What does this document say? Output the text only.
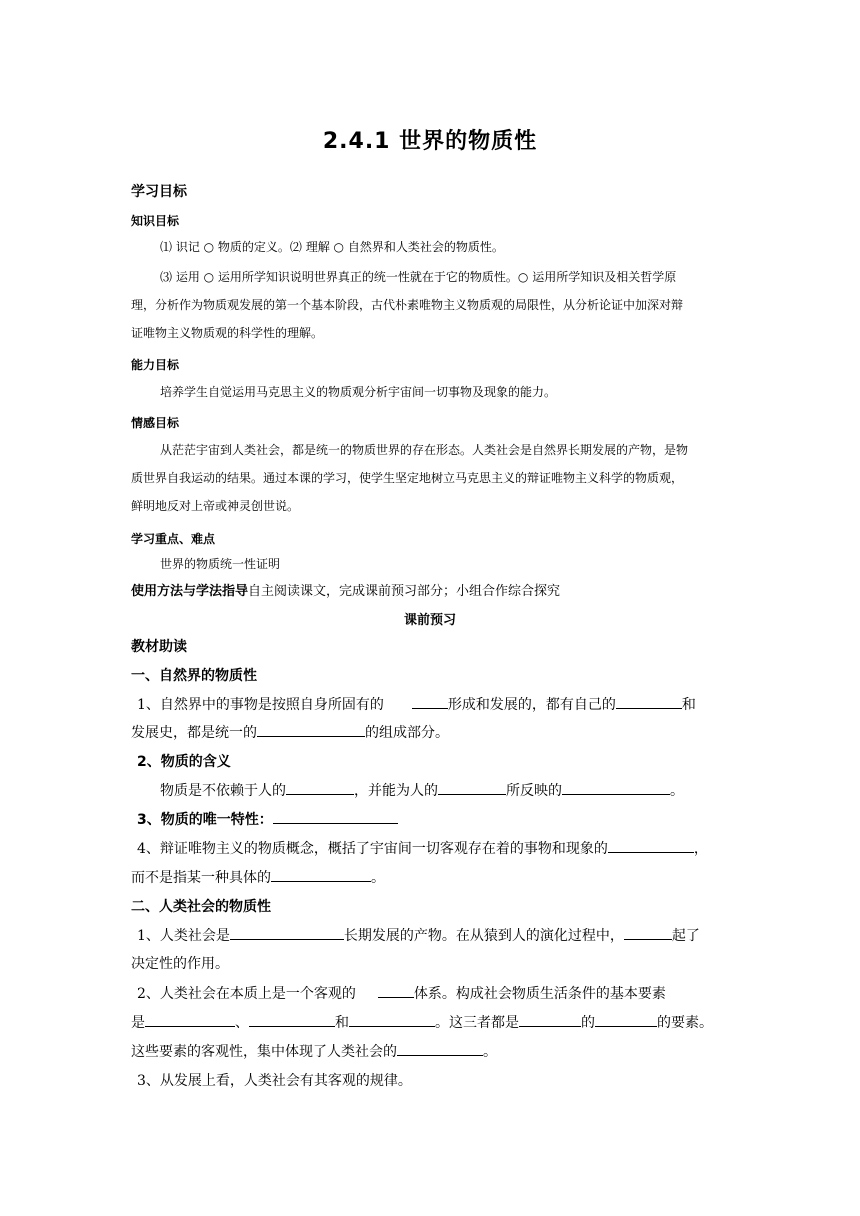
2.4.1 世界的物质性
学习目标
知识目标
⑴ 识记 ○ 物质的定义。⑵ 理解 ○ 自然界和人类社会的物质性。
⑶ 运用 ○ 运用所学知识说明世界真正的统一性就在于它的物质性。○ 运用所学知识及相关哲学原
理，分析作为物质观发展的第一个基本阶段，古代朴素唯物主义物质观的局限性，从分析论证中加深对辩
证唯物主义物质观的科学性的理解。
能力目标
培养学生自觉运用马克思主义的物质观分析宇宙间一切事物及现象的能力。
情感目标
从茫茫宇宙到人类社会，都是统一的物质世界的存在形态。人类社会是自然界长期发展的产物，是物
质世界自我运动的结果。通过本课的学习，使学生坚定地树立马克思主义的辩证唯物主义科学的物质观，
鲜明地反对上帝或神灵创世说。
学习重点、难点
世界的物质统一性证明
使用方法与学法指导自主阅读课文，完成课前预习部分；小组合作综合探究
课前预习
教材助读
一、自然界的物质性
1、自然界中的事物是按照自身所固有的	形成和发展的，都有自己的	和
发展史，都是统一的	的组成部分。
2、物质的含义
物质是不依赖于人的	，并能为人的	所反映的	。
3、物质的唯一特性：
4、辩证唯物主义的物质概念，概括了宇宙间一切客观存在着的事物和现象的	，
而不是指某一种具体的	。
二、人类社会的物质性
1、人类社会是	长期发展的产物。在从猿到人的演化过程中，	起了
决定性的作用。
2、人类社会在本质上是一个客观的	体系。构成社会物质生活条件的基本要素
是	、	和	。这三者都是	的	的要素。
这些要素的客观性，集中体现了人类社会的	。
3、从发展上看，人类社会有其客观的规律。
